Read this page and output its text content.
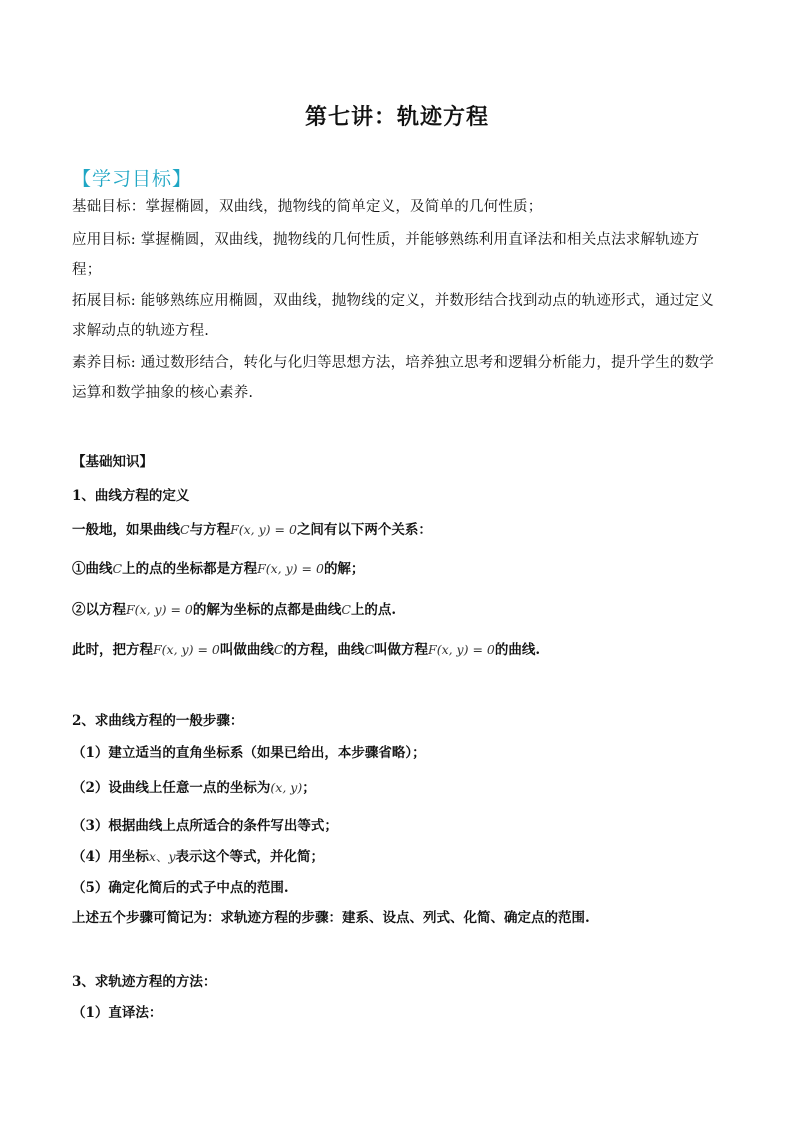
第七讲：轨迹方程
【学习目标】
基础目标：掌握椭圆，双曲线，抛物线的简单定义，及简单的几何性质；
应用目标: 掌握椭圆，双曲线，抛物线的几何性质，并能够熟练利用直译法和相关点法求解轨迹方程；
拓展目标: 能够熟练应用椭圆，双曲线，抛物线的定义，并数形结合找到动点的轨迹形式，通过定义求解动点的轨迹方程.
素养目标: 通过数形结合，转化与化归等思想方法，培养独立思考和逻辑分析能力，提升学生的数学运算和数学抽象的核心素养.
【基础知识】
1、曲线方程的定义
一般地，如果曲线C与方程F(x, y) = 0之间有以下两个关系：
①曲线C上的点的坐标都是方程F(x, y) = 0的解；
②以方程F(x, y) = 0的解为坐标的点都是曲线C上的点.
此时，把方程F(x, y) = 0叫做曲线C的方程，曲线C叫做方程F(x, y) = 0的曲线.
2、求曲线方程的一般步骤：
（1）建立适当的直角坐标系（如果已给出，本步骤省略）；
（2）设曲线上任意一点的坐标为(x, y)；
（3）根据曲线上点所适合的条件写出等式；
（4）用坐标x、y表示这个等式，并化简；
（5）确定化简后的式子中点的范围.
上述五个步骤可简记为：求轨迹方程的步骤：建系、设点、列式、化简、确定点的范围.
3、求轨迹方程的方法：
（1）直译法：
